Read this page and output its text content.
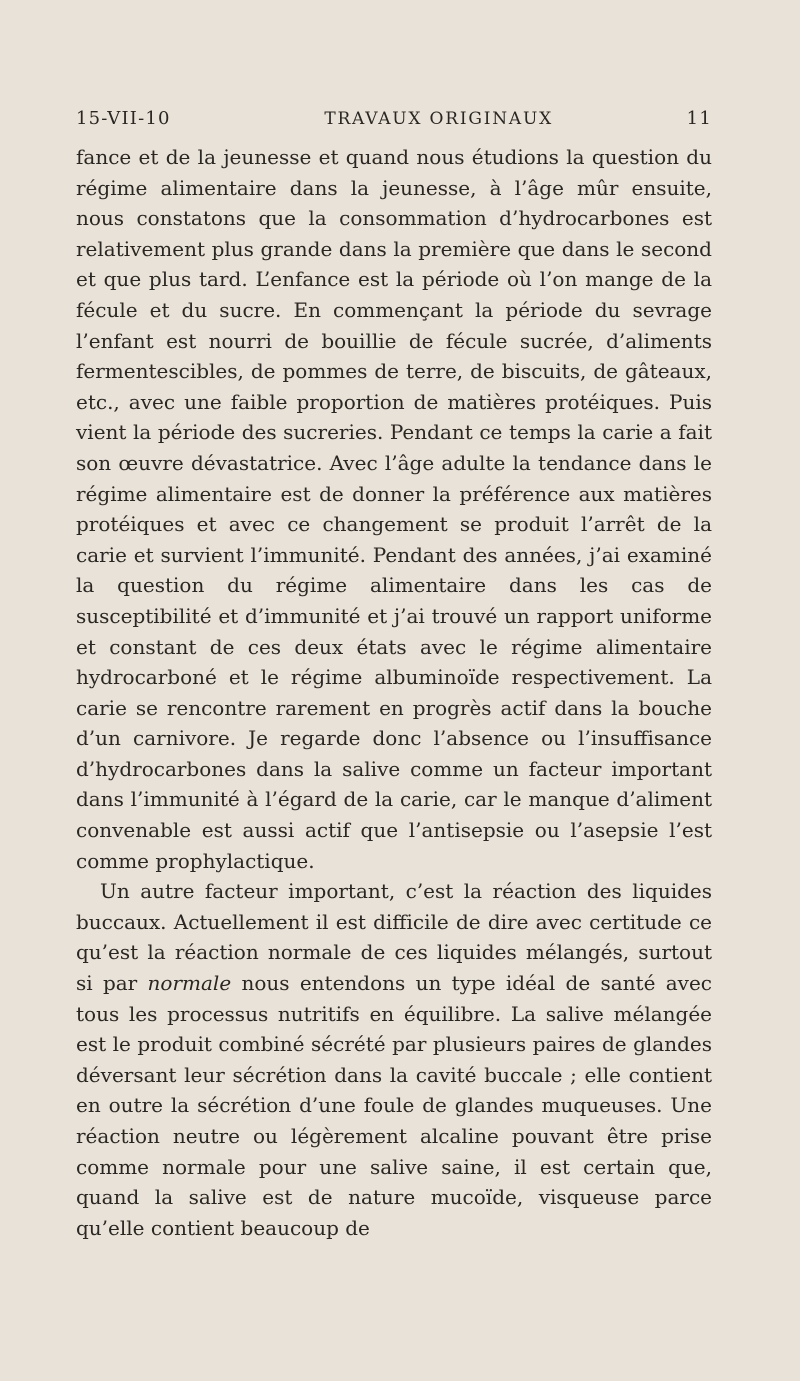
15-VII-10	TRAVAUX ORIGINAUX	11

fance et de la jeunesse et quand nous étudions la question du régime alimentaire dans la jeunesse, à l’âge mûr ensuite, nous constatons que la consommation d’hydrocarbones est relativement plus grande dans la première que dans le second et que plus tard. L’enfance est la période où l’on mange de la fécule et du sucre. En commençant la période du sevrage l’enfant est nourri de bouillie de fécule sucrée, d’aliments fermentescibles, de pommes de terre, de biscuits, de gâteaux, etc., avec une faible proportion de matières protéiques. Puis vient la période des sucreries. Pendant ce temps la carie a fait son œuvre dévastatrice. Avec l’âge adulte la tendance dans le régime alimentaire est de donner la préférence aux matières protéiques et avec ce changement se produit l’arrêt de la carie et survient l’immunité. Pendant des années, j’ai examiné la question du régime alimentaire dans les cas de susceptibilité et d’immunité et j’ai trouvé un rapport uniforme et constant de ces deux états avec le régime alimentaire hydrocarboné et le régime albuminoïde respectivement. La carie se rencontre rarement en progrès actif dans la bouche d’un carnivore. Je regarde donc l’absence ou l’insuffisance d’hydrocarbones dans la salive comme un facteur important dans l’immunité à l’égard de la carie, car le manque d’aliment convenable est aussi actif que l’antisepsie ou l’asepsie l’est comme prophylactique.

Un autre facteur important, c’est la réaction des liquides buccaux. Actuellement il est difficile de dire avec certitude ce qu’est la réaction normale de ces liquides mélangés, surtout si par normale nous entendons un type idéal de santé avec tous les processus nutritifs en équilibre. La salive mélangée est le produit combiné sécrété par plusieurs paires de glandes déversant leur sécrétion dans la cavité buccale ; elle contient en outre la sécrétion d’une foule de glandes muqueuses. Une réaction neutre ou légèrement alcaline pouvant être prise comme normale pour une salive saine, il est certain que, quand la salive est de nature mucoïde, visqueuse parce qu’elle contient beaucoup de
